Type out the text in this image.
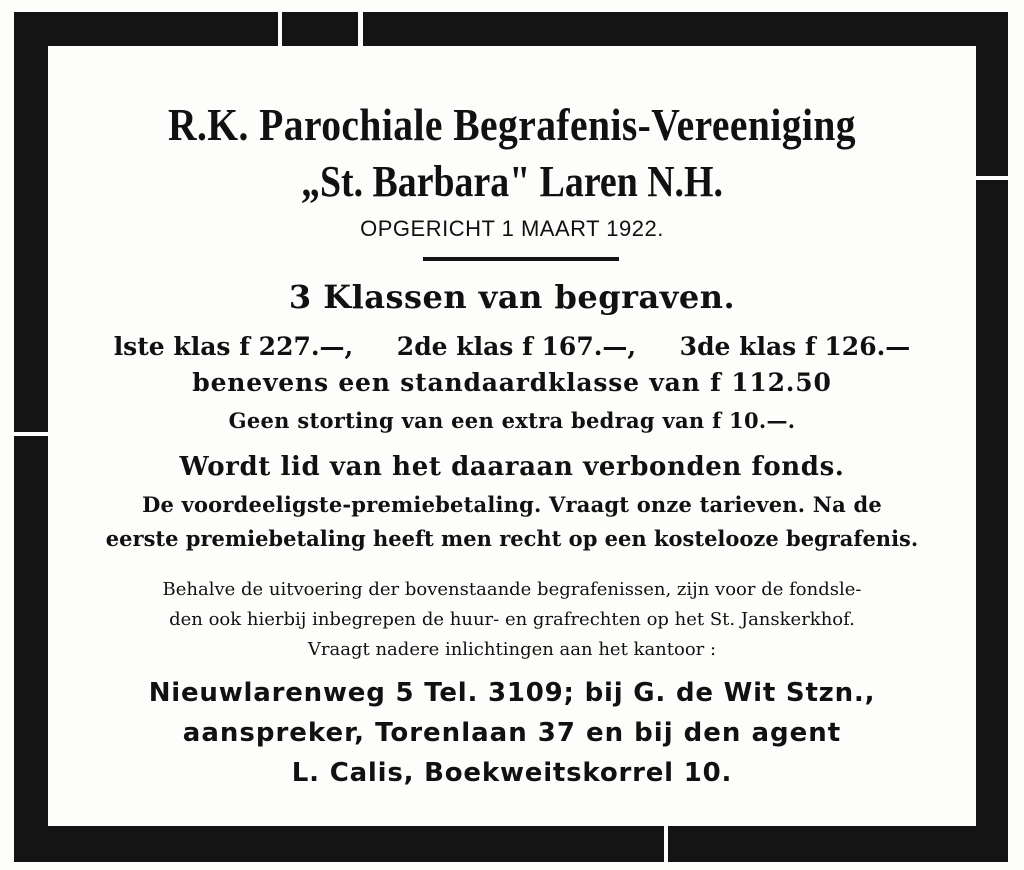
R.K. Parochiale Begrafenis-Vereeniging
„St. Barbara" Laren N.H.
OPGERICHT 1 MAART 1922.
3 Klassen van begraven.
lste klas f 227.—, 2de klas f 167.—, 3de klas f 126.—
benevens een standaardklasse van f 112.50
Geen storting van een extra bedrag van f 10.—.
Wordt lid van het daaraan verbonden fonds.
De voordeeligste-premiebetaling. Vraagt onze tarieven. Na de
eerste premiebetaling heeft men recht op een kostelooze begrafenis.
Behalve de uitvoering der bovenstaande begrafenissen, zijn voor de fondsle-
den ook hierbij inbegrepen de huur- en grafrechten op het St. Janskerkhof.
Vraagt nadere inlichtingen aan het kantoor :
Nieuwlarenweg 5 Tel. 3109; bij G. de Wit Stzn.,
aanspreker, Torenlaan 37 en bij den agent
L. Calis, Boekweitskorrel 10.
